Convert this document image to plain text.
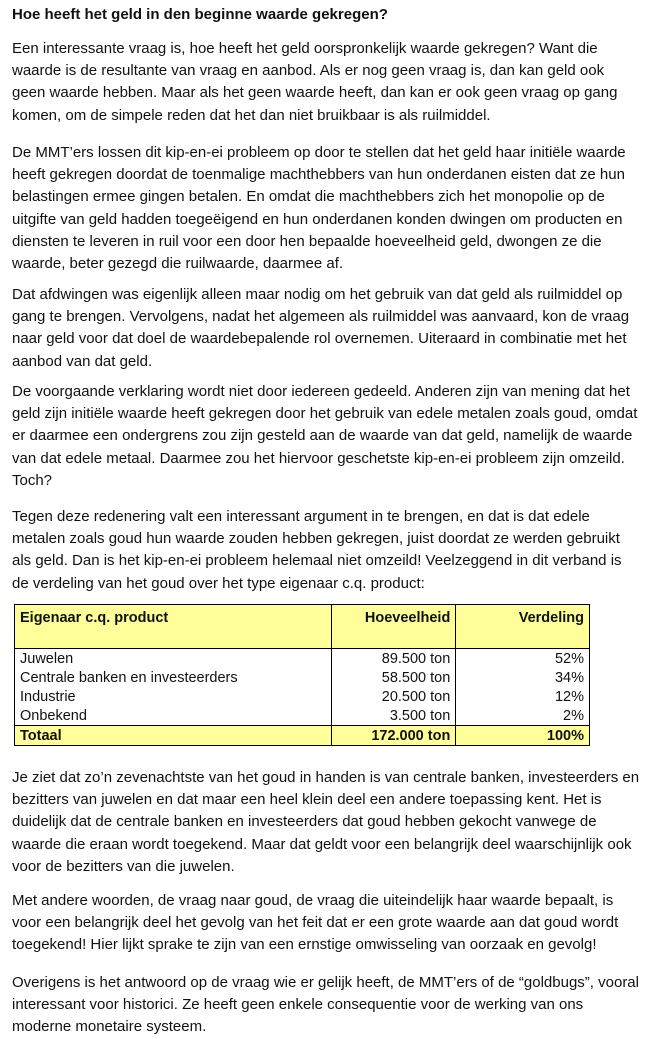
Hoe heeft het geld in den beginne waarde gekregen?

Een interessante vraag is, hoe heeft het geld oorspronkelijk waarde gekregen? Want die waarde is de resultante van vraag en aanbod. Als er nog geen vraag is, dan kan geld ook geen waarde hebben. Maar als het geen waarde heeft, dan kan er ook geen vraag op gang komen, om de simpele reden dat het dan niet bruikbaar is als ruilmiddel.

De MMT’ers lossen dit kip-en-ei probleem op door te stellen dat het geld haar initiële waarde heeft gekregen doordat de toenmalige machthebbers van hun onderdanen eisten dat ze hun belastingen ermee gingen betalen. En omdat die machthebbers zich het monopolie op de uitgifte van geld hadden toegeëigend en hun onderdanen konden dwingen om producten en diensten te leveren in ruil voor een door hen bepaalde hoeveelheid geld, dwongen ze die waarde, beter gezegd die ruilwaarde, daarmee af.

Dat afdwingen was eigenlijk alleen maar nodig om het gebruik van dat geld als ruilmiddel op gang te brengen. Vervolgens, nadat het algemeen als ruilmiddel was aanvaard, kon de vraag naar geld voor dat doel de waardebepalende rol overnemen. Uiteraard in combinatie met het aanbod van dat geld.

De voorgaande verklaring wordt niet door iedereen gedeeld. Anderen zijn van mening dat het geld zijn initiële waarde heeft gekregen door het gebruik van edele metalen zoals goud, omdat er daarmee een ondergrens zou zijn gesteld aan de waarde van dat geld, namelijk de waarde van dat edele metaal. Daarmee zou het hiervoor geschetste kip-en-ei probleem zijn omzeild. Toch?

Tegen deze redenering valt een interessant argument in te brengen, en dat is dat edele metalen zoals goud hun waarde zouden hebben gekregen, juist doordat ze werden gebruikt als geld. Dan is het kip-en-ei probleem helemaal niet omzeild! Veelzeggend in dit verband is de verdeling van het goud over het type eigenaar c.q. product:

Eigenaar c.q. product	Hoeveelheid	Verdeling
Juwelen	89.500 ton	52%
Centrale banken en investeerders	58.500 ton	34%
Industrie	20.500 ton	12%
Onbekend	3.500 ton	2%
Totaal	172.000 ton	100%

Je ziet dat zo’n zevenachtste van het goud in handen is van centrale banken, investeerders en bezitters van juwelen en dat maar een heel klein deel een andere toepassing kent. Het is duidelijk dat de centrale banken en investeerders dat goud hebben gekocht vanwege de waarde die eraan wordt toegekend. Maar dat geldt voor een belangrijk deel waarschijnlijk ook voor de bezitters van die juwelen.

Met andere woorden, de vraag naar goud, de vraag die uiteindelijk haar waarde bepaalt, is voor een belangrijk deel het gevolg van het feit dat er een grote waarde aan dat goud wordt toegekend! Hier lijkt sprake te zijn van een ernstige omwisseling van oorzaak en gevolg!

Overigens is het antwoord op de vraag wie er gelijk heeft, de MMT’ers of de “goldbugs”, vooral interessant voor historici. Ze heeft geen enkele consequentie voor de werking van ons moderne monetaire systeem.
